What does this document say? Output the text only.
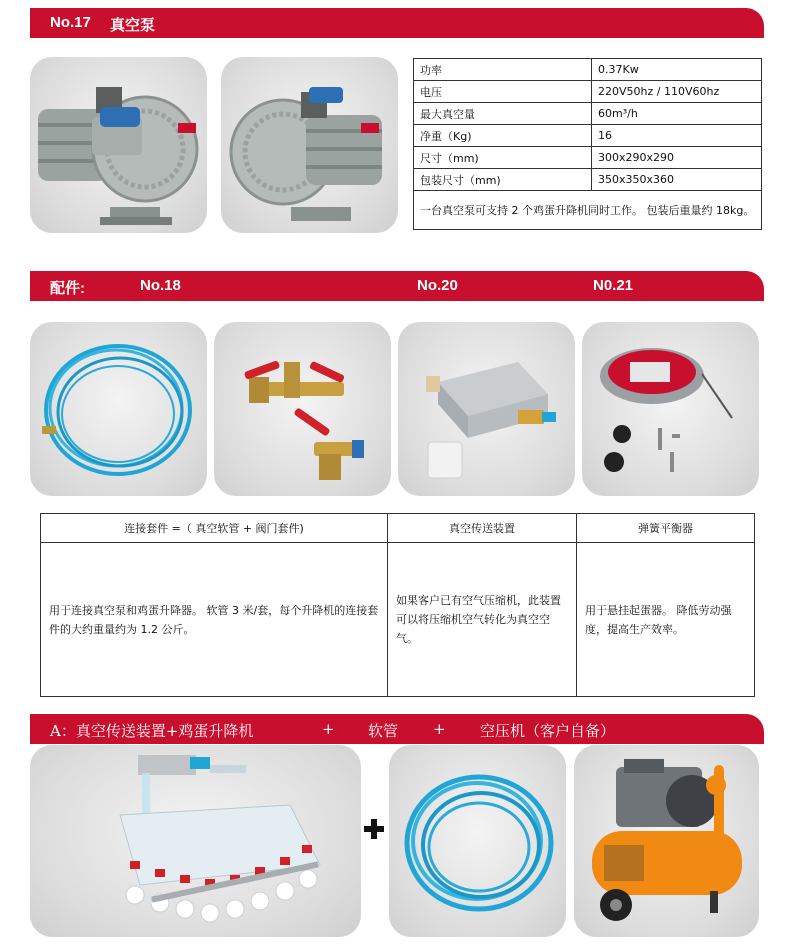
No.17 真空泵
功率	0.37Kw
电压	220V50hz / 110V60hz
最大真空量	60m³/h
净重（Kg)	16
尺寸（mm)	300x290x290
包装尺寸（mm)	350x350x360
一台真空泵可支持 2 个鸡蛋升降机同时工作。 包装后重量约 18kg。	
配件:	No.18	No.20	N0.21
连接套件 =（ 真空软管 + 阀门套件)	真空传送装置	弹簧平衡器
用于连接真空泵和鸡蛋升降器。 软管 3 米/套，每个升降机的连接套件的大约重量约为 1.2 公斤。	如果客户已有空气压缩机，此装置可以将压缩机空气转化为真空空气。	用于悬挂起蛋器。 降低劳动强度，提高生产效率。
A：真空传送装置+鸡蛋升降机	+ 软管 + 空压机（客户自备）
